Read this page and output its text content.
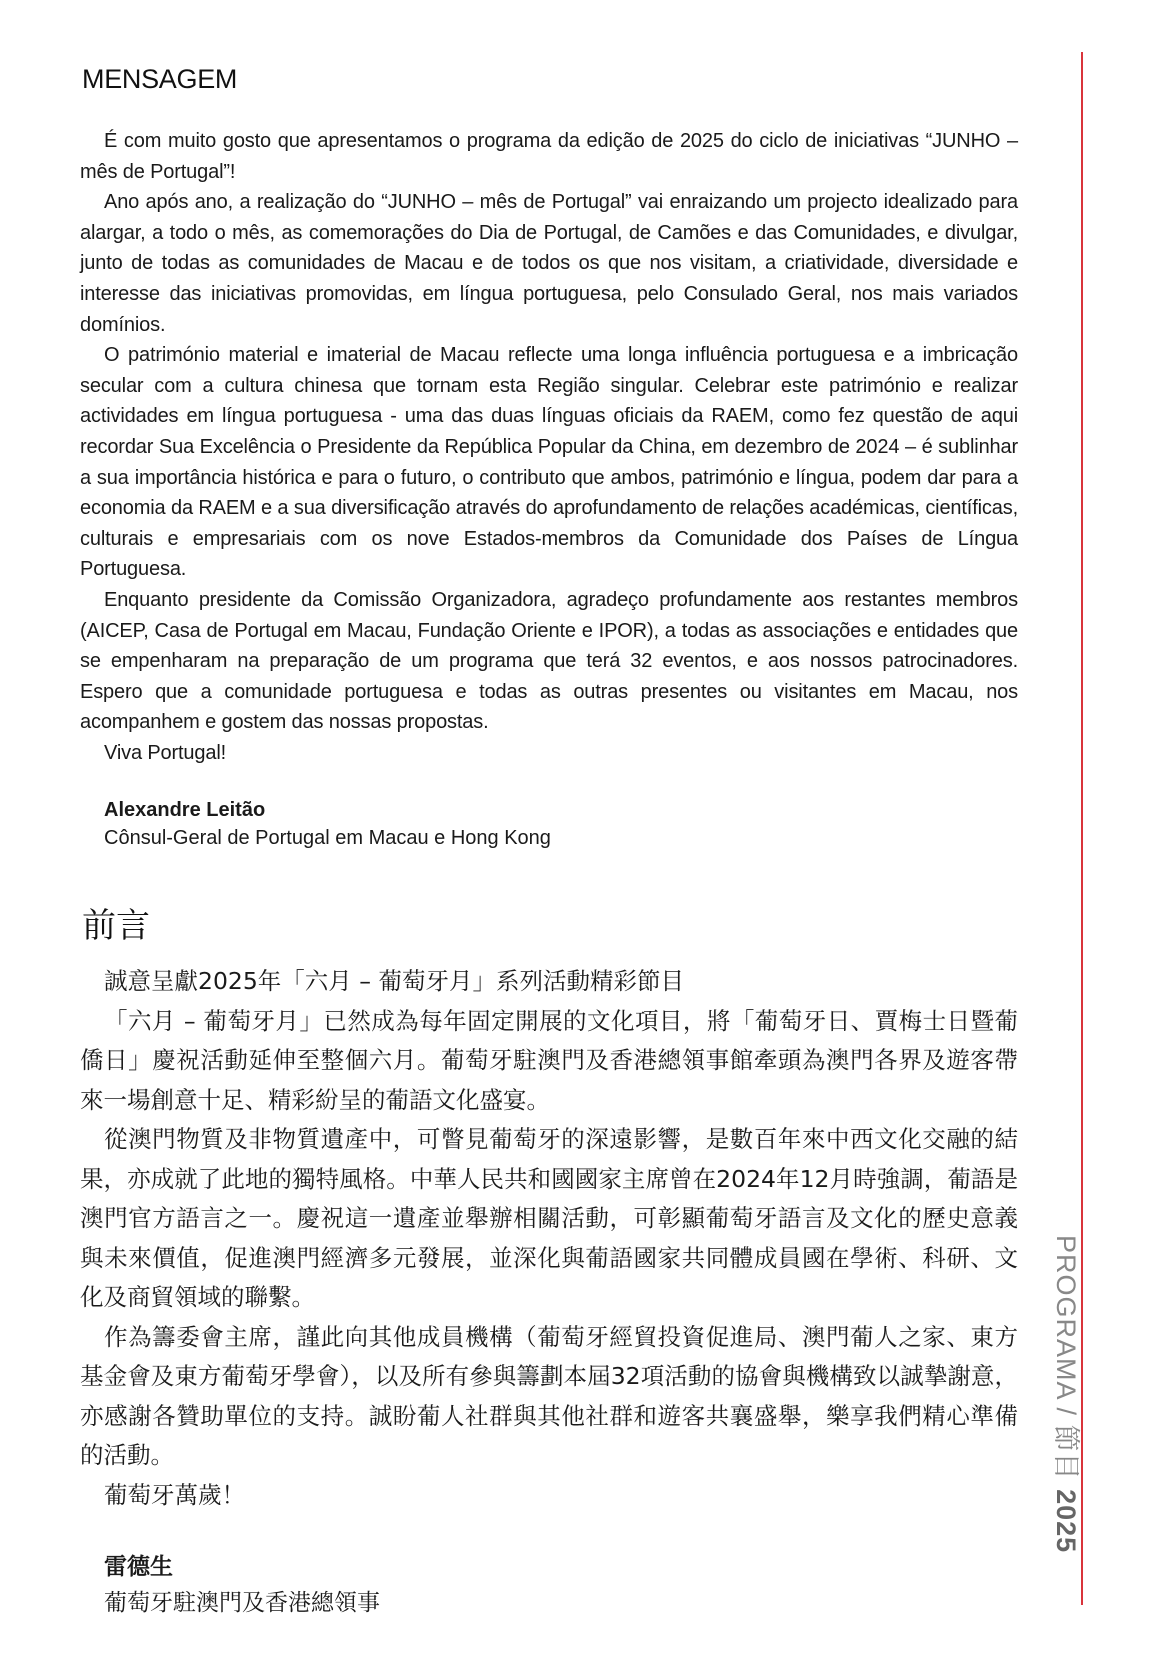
MENSAGEM

É com muito gosto que apresentamos o programa da edição de 2025 do ciclo de iniciativas “JUNHO – mês de Portugal”!

Ano após ano, a realização do “JUNHO – mês de Portugal” vai enraizando um projecto idealizado para alargar, a todo o mês, as comemorações do Dia de Portugal, de Camões e das Comunidades, e divulgar, junto de todas as comunidades de Macau e de todos os que nos visitam, a criatividade, diversidade e interesse das iniciativas promovidas, em língua portuguesa, pelo Consulado Geral, nos mais variados domínios.

O património material e imaterial de Macau reflecte uma longa influência portuguesa e a imbricação secular com a cultura chinesa que tornam esta Região singular. Celebrar este património e realizar actividades em língua portuguesa - uma das duas línguas oficiais da RAEM, como fez questão de aqui recordar Sua Excelência o Presidente da República Popular da China, em dezembro de 2024 – é sublinhar a sua importância histórica e para o futuro, o contributo que ambos, património e língua, podem dar para a economia da RAEM e a sua diversificação através do aprofundamento de relações académicas, científicas, culturais e empresariais com os nove Estados-membros da Comunidade dos Países de Língua Portuguesa.

Enquanto presidente da Comissão Organizadora, agradeço profundamente aos restantes membros (AICEP, Casa de Portugal em Macau, Fundação Oriente e IPOR), a todas as associações e entidades que se empenharam na preparação de um programa que terá 32 eventos, e aos nossos patrocinadores. Espero que a comunidade portuguesa e todas as outras presentes ou visitantes em Macau, nos acompanhem e gostem das nossas propostas.

Viva Portugal!

Alexandre Leitão
Cônsul-Geral de Portugal em Macau e Hong Kong
前言

誠意呈獻2025年「六月 – 葡萄牙月」系列活動精彩節目

「六月 – 葡萄牙月」已然成為每年固定開展的文化項目，將「葡萄牙日、賈梅士日暨葡僑日」慶祝活動延伸至整個六月。葡萄牙駐澳門及香港總領事館牽頭為澳門各界及遊客帶來一場創意十足、精彩紛呈的葡語文化盛宴。

從澳門物質及非物質遺產中，可瞥見葡萄牙的深遠影響，是數百年來中西文化交融的結果，亦成就了此地的獨特風格。中華人民共和國國家主席曾在2024年12月時強調，葡語是澳門官方語言之一。慶祝這一遺產並舉辦相關活動，可彰顯葡萄牙語言及文化的歷史意義與未來價值，促進澳門經濟多元發展，並深化與葡語國家共同體成員國在學術、科研、文化及商貿領域的聯繫。

作為籌委會主席，謹此向其他成員機構（葡萄牙經貿投資促進局、澳門葡人之家、東方基金會及東方葡萄牙學會），以及所有參與籌劃本屆32項活動的協會與機構致以誠摯謝意，亦感謝各贊助單位的支持。誠盼葡人社群與其他社群和遊客共襄盛舉，樂享我們精心準備的活動。

葡萄牙萬歲！

雷德生
葡萄牙駐澳門及香港總領事
PROGRAMA / 節目 2025
